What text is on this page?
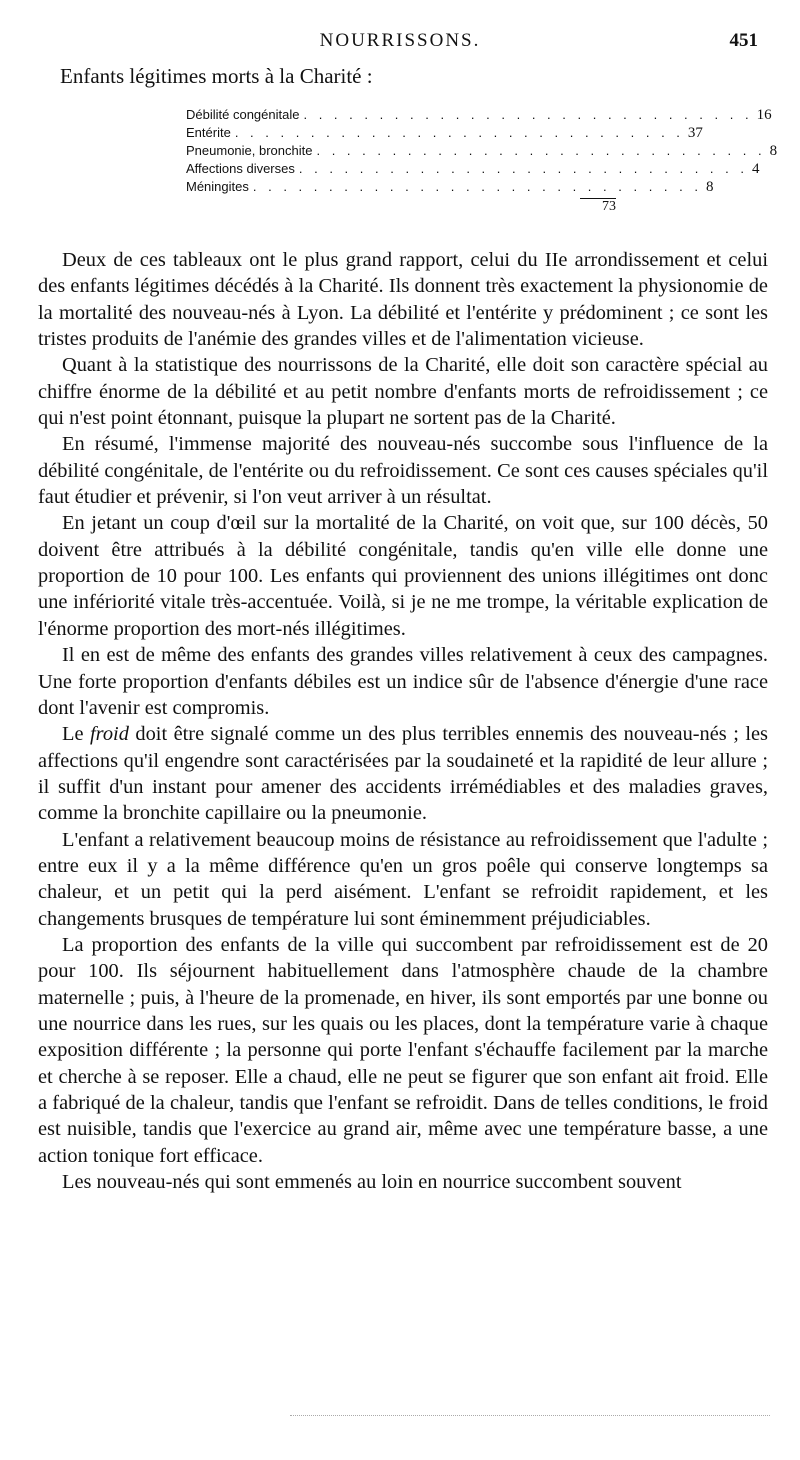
NOURRISSONS.	451
Enfants légitimes morts à la Charité :
Débilité congénitale . . . . . . . . . . . . . . . . . . . . . . . . . . . . . . 16
Entérite . . . . . . . . . . . . . . . . . . . . . . . . . . . . . . 37
Pneumonie, bronchite . . . . . . . . . . . . . . . . . . . . . . . . . . . . . . 8
Affections diverses . . . . . . . . . . . . . . . . . . . . . . . . . . . . . . 4
Méningites . . . . . . . . . . . . . . . . . . . . . . . . . . . . . . 8
73

Deux de ces tableaux ont le plus grand rapport, celui du IIe arrondissement et celui des enfants légitimes décédés à la Charité. Ils donnent très exactement la physionomie de la mortalité des nouveau-nés à Lyon. La débilité et l'entérite y prédominent ; ce sont les tristes produits de l'anémie des grandes villes et de l'alimentation vicieuse.

Quant à la statistique des nourrissons de la Charité, elle doit son caractère spécial au chiffre énorme de la débilité et au petit nombre d'enfants morts de refroidissement ; ce qui n'est point étonnant, puisque la plupart ne sortent pas de la Charité.

En résumé, l'immense majorité des nouveau-nés succombe sous l'influence de la débilité congénitale, de l'entérite ou du refroidissement. Ce sont ces causes spéciales qu'il faut étudier et prévenir, si l'on veut arriver à un résultat.

En jetant un coup d'œil sur la mortalité de la Charité, on voit que, sur 100 décès, 50 doivent être attribués à la débilité congénitale, tandis qu'en ville elle donne une proportion de 10 pour 100. Les enfants qui proviennent des unions illégitimes ont donc une infériorité vitale très-accentuée. Voilà, si je ne me trompe, la véritable explication de l'énorme proportion des mort-nés illégitimes.

Il en est de même des enfants des grandes villes relativement à ceux des campagnes. Une forte proportion d'enfants débiles est un indice sûr de l'absence d'énergie d'une race dont l'avenir est compromis.

Le froid doit être signalé comme un des plus terribles ennemis des nouveau-nés ; les affections qu'il engendre sont caractérisées par la soudaineté et la rapidité de leur allure ; il suffit d'un instant pour amener des accidents irrémédiables et des maladies graves, comme la bronchite capillaire ou la pneumonie.

L'enfant a relativement beaucoup moins de résistance au refroidissement que l'adulte ; entre eux il y a la même différence qu'en un gros poêle qui conserve longtemps sa chaleur, et un petit qui la perd aisément. L'enfant se refroidit rapidement, et les changements brusques de température lui sont éminemment préjudiciables.

La proportion des enfants de la ville qui succombent par refroidissement est de 20 pour 100. Ils séjournent habituellement dans l'atmosphère chaude de la chambre maternelle ; puis, à l'heure de la promenade, en hiver, ils sont emportés par une bonne ou une nourrice dans les rues, sur les quais ou les places, dont la température varie à chaque exposition différente ; la personne qui porte l'enfant s'échauffe facilement par la marche et cherche à se reposer. Elle a chaud, elle ne peut se figurer que son enfant ait froid. Elle a fabriqué de la chaleur, tandis que l'enfant se refroidit. Dans de telles conditions, le froid est nuisible, tandis que l'exercice au grand air, même avec une température basse, a une action tonique fort efficace.

Les nouveau-nés qui sont emmenés au loin en nourrice succombent souvent
